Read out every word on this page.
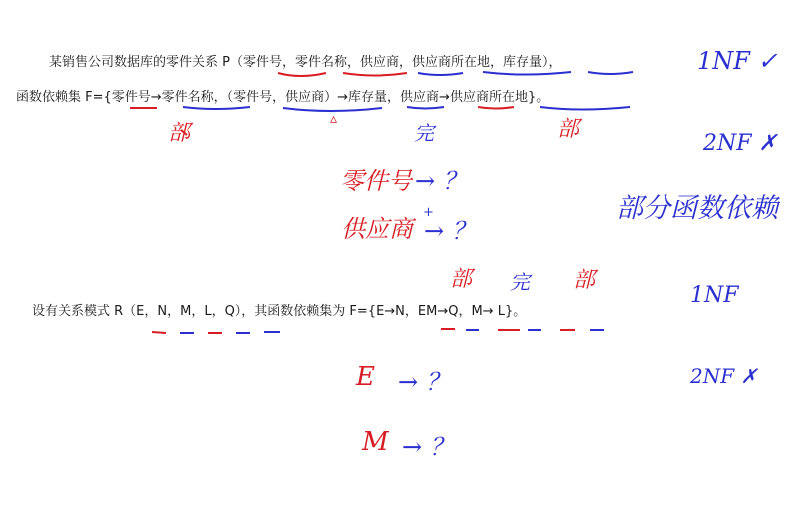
某销售公司数据库的零件关系 P（零件号，零件名称，供应商，供应商所在地，库存量），
函数依赖集 F={零件号→零件名称，（零件号，供应商）→库存量，供应商→供应商所在地}。
设有关系模式 R（E，N，M，L，Q），其函数依赖集为 F={E→N，EM→Q，M→ L}。
部
▵
完	部
1NF ✓
2NF ✗
部分函数依赖
零件号 → ？
供应商
+
→ ？
部 完 部
1NF
2NF ✗
E → ？
M → ？
